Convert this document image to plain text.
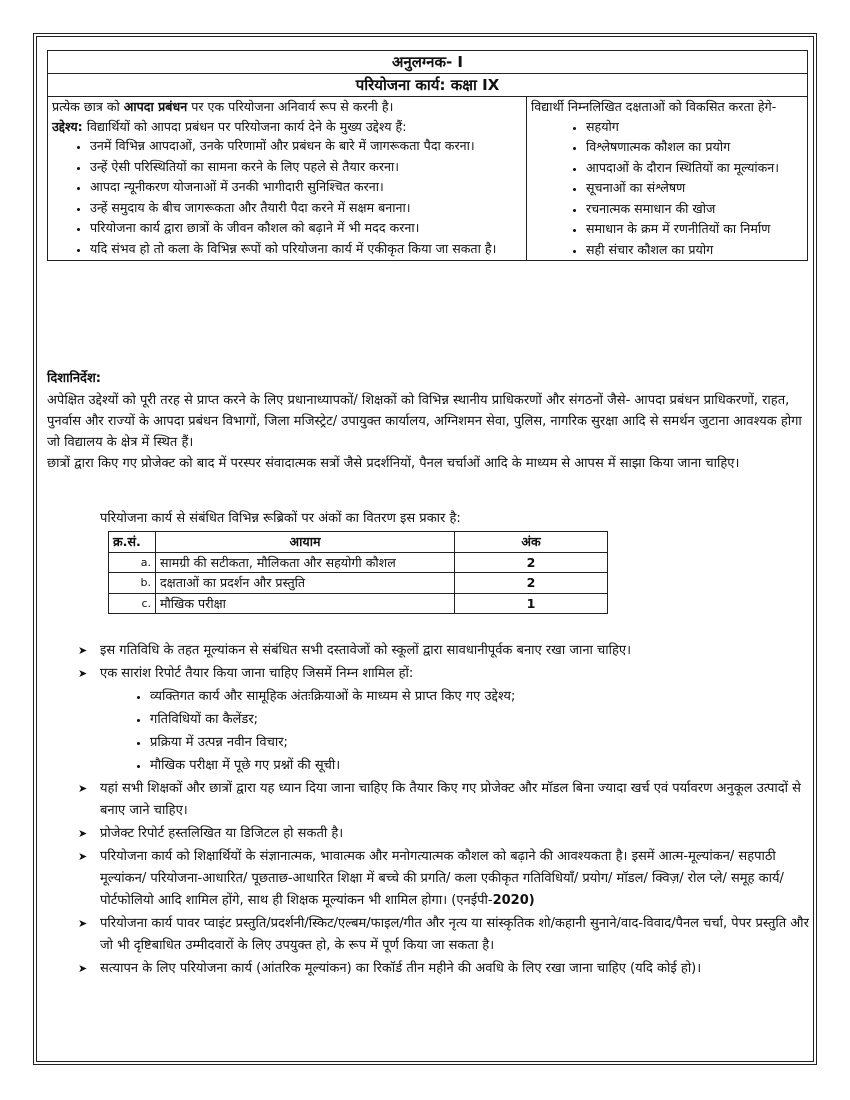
अनुलग्नक- I
परियोजना कार्य: कक्षा IX

प्रत्येक छात्र को आपदा प्रबंधन पर एक परियोजना अनिवार्य रूप से करनी है।
उद्देश्य: विद्यार्थियों को आपदा प्रबंधन पर परियोजना कार्य देने के मुख्य उद्देश्य हैं:
• उनमें विभिन्न आपदाओं, उनके परिणामों और प्रबंधन के बारे में जागरूकता पैदा करना।
• उन्हें ऐसी परिस्थितियों का सामना करने के लिए पहले से तैयार करना।
• आपदा न्यूनीकरण योजनाओं में उनकी भागीदारी सुनिश्चित करना।
• उन्हें समुदाय के बीच जागरूकता और तैयारी पैदा करने में सक्षम बनाना।
• परियोजना कार्य द्वारा छात्रों के जीवन कौशल को बढ़ाने में भी मदद करना।
• यदि संभव हो तो कला के विभिन्न रूपों को परियोजना कार्य में एकीकृत किया जा सकता है।

विद्यार्थी निम्नलिखित दक्षताओं को विकसित करता हेगे-
• सहयोग
• विश्लेषणात्मक कौशल का प्रयोग
• आपदाओं के दौरान स्थितियों का मूल्यांकन।
• सूचनाओं का संश्लेषण
• रचनात्मक समाधान की खोज
• समाधान के क्रम में रणनीतियों का निर्माण
• सही संचार कौशल का प्रयोग
दिशानिर्देश:

अपेक्षित उद्देश्यों को पूरी तरह से प्राप्त करने के लिए प्रधानाध्यापकों/ शिक्षकों को विभिन्न स्थानीय प्राधिकरणों और संगठनों जैसे- आपदा प्रबंधन प्राधिकरणों, राहत, पुनर्वास और राज्यों के आपदा प्रबंधन विभागों, जिला मजिस्ट्रेट/ उपायुक्त कार्यालय, अग्निशमन सेवा, पुलिस, नागरिक सुरक्षा आदि से समर्थन जुटाना आवश्यक होगा जो विद्यालय के क्षेत्र में स्थित हैं।

छात्रों द्वारा किए गए प्रोजेक्ट को बाद में परस्पर संवादात्मक सत्रों जैसे प्रदर्शनियों, पैनल चर्चाओं आदि के माध्यम से आपस में साझा किया जाना चाहिए।

परियोजना कार्य से संबंधित विभिन्न रूब्रिकों पर अंकों का वितरण इस प्रकार है:
क्र.सं.	आयाम	अंक
a.	सामग्री की सटीकता, मौलिकता और सहयोगी कौशल	2
b.	दक्षताओं का प्रदर्शन और प्रस्तुति	2
c.	मौखिक परीक्षा	1
➤ इस गतिविधि के तहत मूल्यांकन से संबंधित सभी दस्तावेजों को स्कूलों द्वारा सावधानीपूर्वक बनाए रखा जाना चाहिए।
➤ एक सारांश रिपोर्ट तैयार किया जाना चाहिए जिसमें निम्न शामिल हों:
• व्यक्तिगत कार्य और सामूहिक अंतःक्रियाओं के माध्यम से प्राप्त किए गए उद्देश्य;
• गतिविधियों का कैलेंडर;
• प्रक्रिया में उत्पन्न नवीन विचार;
• मौखिक परीक्षा में पूछे गए प्रश्नों की सूची।
➤ यहां सभी शिक्षकों और छात्रों द्वारा यह ध्यान दिया जाना चाहिए कि तैयार किए गए प्रोजेक्ट और मॉडल बिना ज्यादा खर्च एवं पर्यावरण अनुकूल उत्पादों से बनाए जाने चाहिए।
➤ प्रोजेक्ट रिपोर्ट हस्तलिखित या डिजिटल हो सकती है।
➤ परियोजना कार्य को शिक्षार्थियों के संज्ञानात्मक, भावात्मक और मनोगत्यात्मक कौशल को बढ़ाने की आवश्यकता है। इसमें आत्म-मूल्यांकन/ सहपाठी मूल्यांकन/ परियोजना-आधारित/ पूछताछ-आधारित शिक्षा में बच्चे की प्रगति/ कला एकीकृत गतिविधियाँ/ प्रयोग/ मॉडल/ क्विज़/ रोल प्ले/ समूह कार्य/ पोर्टफोलियो आदि शामिल होंगे, साथ ही शिक्षक मूल्यांकन भी शामिल होगा। (एनईपी-2020)
➤ परियोजना कार्य पावर प्वाइंट प्रस्तुति/प्रदर्शनी/स्किट/एल्बम/फाइल/गीत और नृत्य या सांस्कृतिक शो/कहानी सुनाने/वाद-विवाद/पैनल चर्चा, पेपर प्रस्तुति और जो भी दृष्टिबाधित उम्मीदवारों के लिए उपयुक्त हो, के रूप में पूर्ण किया जा सकता है।
➤ सत्यापन के लिए परियोजना कार्य (आंतरिक मूल्यांकन) का रिकॉर्ड तीन महीने की अवधि के लिए रखा जाना चाहिए (यदि कोई हो)।
